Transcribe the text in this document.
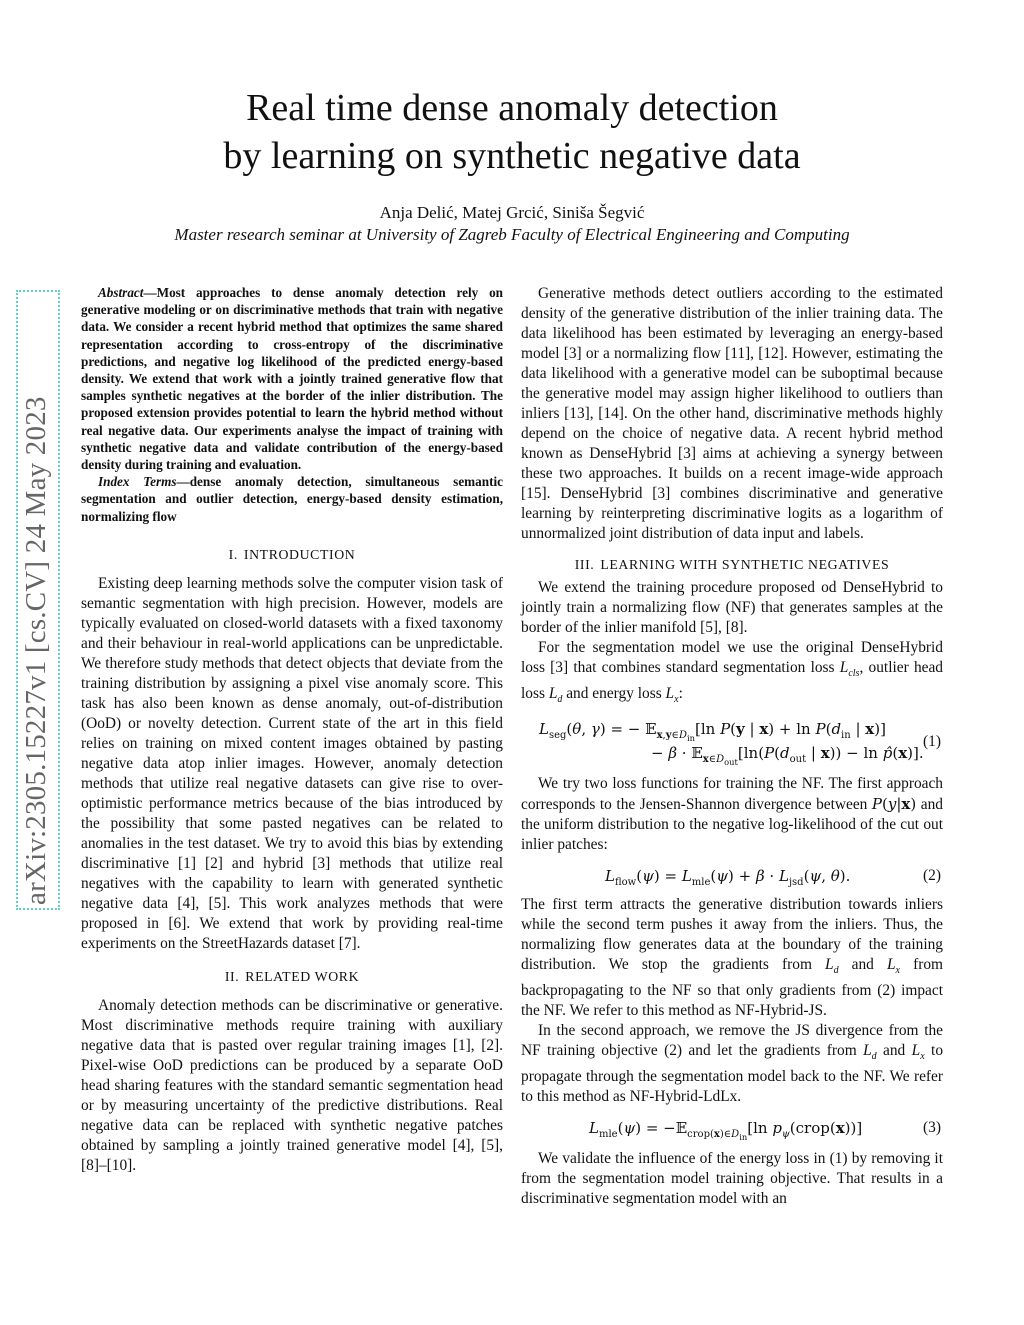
Real time dense anomaly detection
by learning on synthetic negative data
Anja Delić, Matej Grcić, Siniša Šegvić
Master research seminar at University of Zagreb Faculty of Electrical Engineering and Computing
arXiv:2305.15227v1 [cs.CV] 24 May 2023

Abstract—Most approaches to dense anomaly detection rely on generative modeling or on discriminative methods that train with negative data. We consider a recent hybrid method that optimizes the same shared representation according to cross-entropy of the discriminative predictions, and negative log likelihood of the predicted energy-based density. We extend that work with a jointly trained generative flow that samples synthetic negatives at the border of the inlier distribution. The proposed extension provides potential to learn the hybrid method without real negative data. Our experiments analyse the impact of training with synthetic negative data and validate contribution of the energy-based density during training and evaluation.

Index Terms—dense anomaly detection, simultaneous semantic segmentation and outlier detection, energy-based density estimation, normalizing flow

I. INTRODUCTION

Existing deep learning methods solve the computer vision task of semantic segmentation with high precision. However, models are typically evaluated on closed-world datasets with a fixed taxonomy and their behaviour in real-world applications can be unpredictable. We therefore study methods that detect objects that deviate from the training distribution by assigning a pixel vise anomaly score. This task has also been known as dense anomaly, out-of-distribution (OoD) or novelty detection. Current state of the art in this field relies on training on mixed content images obtained by pasting negative data atop inlier images. However, anomaly detection methods that utilize real negative datasets can give rise to over-optimistic performance metrics because of the bias introduced by the possibility that some pasted negatives can be related to anomalies in the test dataset. We try to avoid this bias by extending discriminative [1] [2] and hybrid [3] methods that utilize real negatives with the capability to learn with generated synthetic negative data [4], [5]. This work analyzes methods that were proposed in [6]. We extend that work by providing real-time experiments on the StreetHazards dataset [7].

II. RELATED WORK

Anomaly detection methods can be discriminative or generative. Most discriminative methods require training with auxiliary negative data that is pasted over regular training images [1], [2]. Pixel-wise OoD predictions can be produced by a separate OoD head sharing features with the standard semantic segmentation head or by measuring uncertainty of the predictive distributions. Real negative data can be replaced with synthetic negative patches obtained by sampling a jointly trained generative model [4], [5], [8]–[10].

Generative methods detect outliers according to the estimated density of the generative distribution of the inlier training data. The data likelihood has been estimated by leveraging an energy-based model [3] or a normalizing flow [11], [12]. However, estimating the data likelihood with a generative model can be suboptimal because the generative model may assign higher likelihood to outliers than inliers [13], [14]. On the other hand, discriminative methods highly depend on the choice of negative data. A recent hybrid method known as DenseHybrid [3] aims at achieving a synergy between these two approaches. It builds on a recent image-wide approach [15]. DenseHybrid [3] combines discriminative and generative learning by reinterpreting discriminative logits as a logarithm of unnormalized joint distribution of data input and labels.

III. LEARNING WITH SYNTHETIC NEGATIVES

We extend the training procedure proposed od DenseHybrid to jointly train a normalizing flow (NF) that generates samples at the border of the inlier manifold [5], [8].

For the segmentation model we use the original DenseHybrid loss [3] that combines standard segmentation loss $L_{cls}$, outlier head loss $L_d$ and energy loss $L_x$:

$L_{seg}(\theta$, γ) = − 𝔼$_{x,y\in D_{in}}$[ln P(y | $x) + \ln P(d_{in}$ | x)]
− $\beta \cdot 𝔼_{x\in D_{out}}[\ln(P(d_{out}$ | x)) − ln p̂(x)].
(1)

We try two loss functions for training the NF. The first approach corresponds to the Jensen-Shannon divergence between P(y|x) and the uniform distribution to the negative log-likelihood of the cut out inlier patches:

$L_{flow}(\psi) = L_{mle}(\psi) + \beta \cdot L_{jsd}(\psi$, θ).	(2)

The first term attracts the generative distribution towards inliers while the second term pushes it away from the inliers. Thus, the normalizing flow generates data at the boundary of the training distribution. We stop the gradients from $L_d$ and $L_x$ from backpropagating to the NF so that only gradients from (2) impact the NF. We refer to this method as NF-Hybrid-JS.

In the second approach, we remove the JS divergence from the NF training objective (2) and let the gradients from $L_d$ and $L_x$ to propagate through the segmentation model back to the NF. We refer to this method as NF-Hybrid-LdLx.

$L_{mle}(\psi)$ = −𝔼$_{crop(x)\in D_{in}}$[ln $p_\psi(crop(x))$]	(3)

We validate the influence of the energy loss in (1) by removing it from the segmentation model training objective. That results in a discriminative segmentation model with an
